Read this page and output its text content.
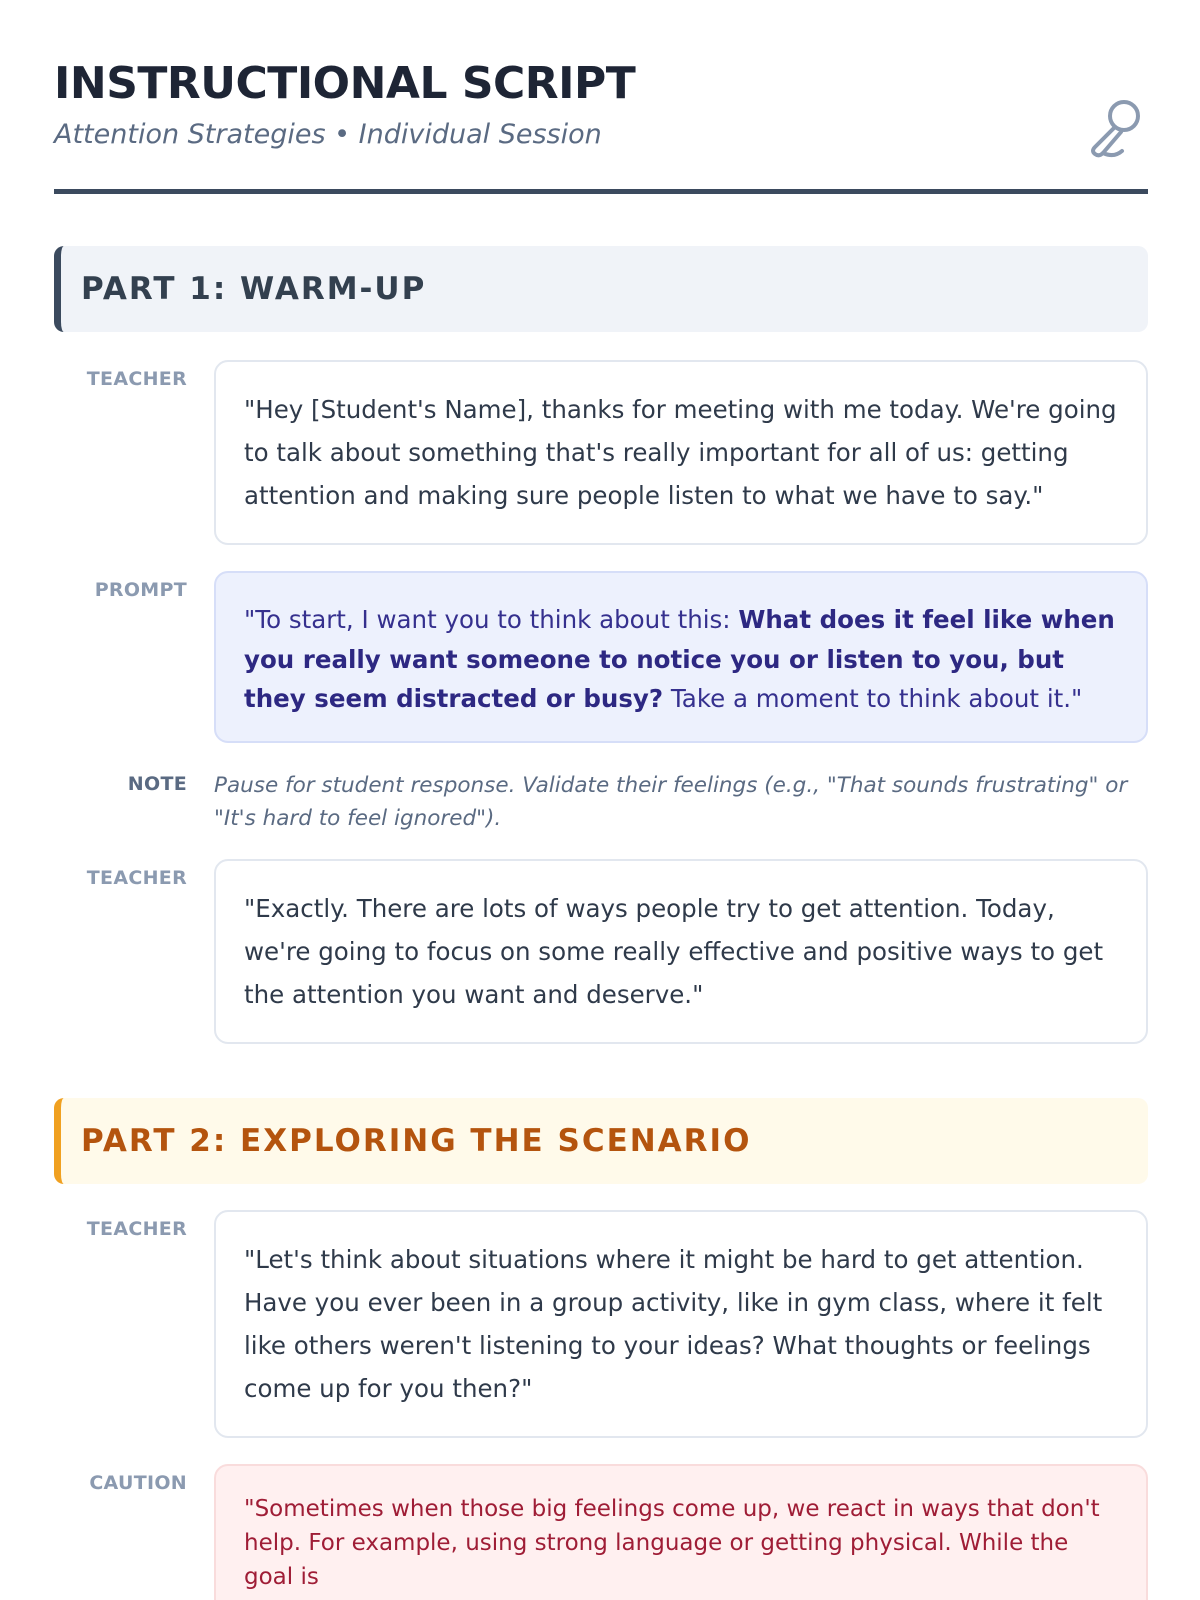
INSTRUCTIONAL SCRIPT
Attention Strategies • Individual Session
PART 1: WARM-UP
TEACHER
"Hey [Student's Name], thanks for meeting with me today. We're going to talk about something that's really important for all of us: getting attention and making sure people listen to what we have to say."
PROMPT
"To start, I want you to think about this: What does it feel like when you really want someone to notice you or listen to you, but they seem distracted or busy? Take a moment to think about it."
NOTE	Pause for student response. Validate their feelings (e.g., "That sounds frustrating" or "It's hard to feel ignored").
TEACHER
"Exactly. There are lots of ways people try to get attention. Today, we're going to focus on some really effective and positive ways to get the attention you want and deserve."
PART 2: EXPLORING THE SCENARIO
TEACHER
"Let's think about situations where it might be hard to get attention. Have you ever been in a group activity, like in gym class, where it felt like others weren't listening to your ideas? What thoughts or feelings come up for you then?"
CAUTION
"Sometimes when those big feelings come up, we react in ways that don't help. For example, using strong language or getting physical. While the goal is
